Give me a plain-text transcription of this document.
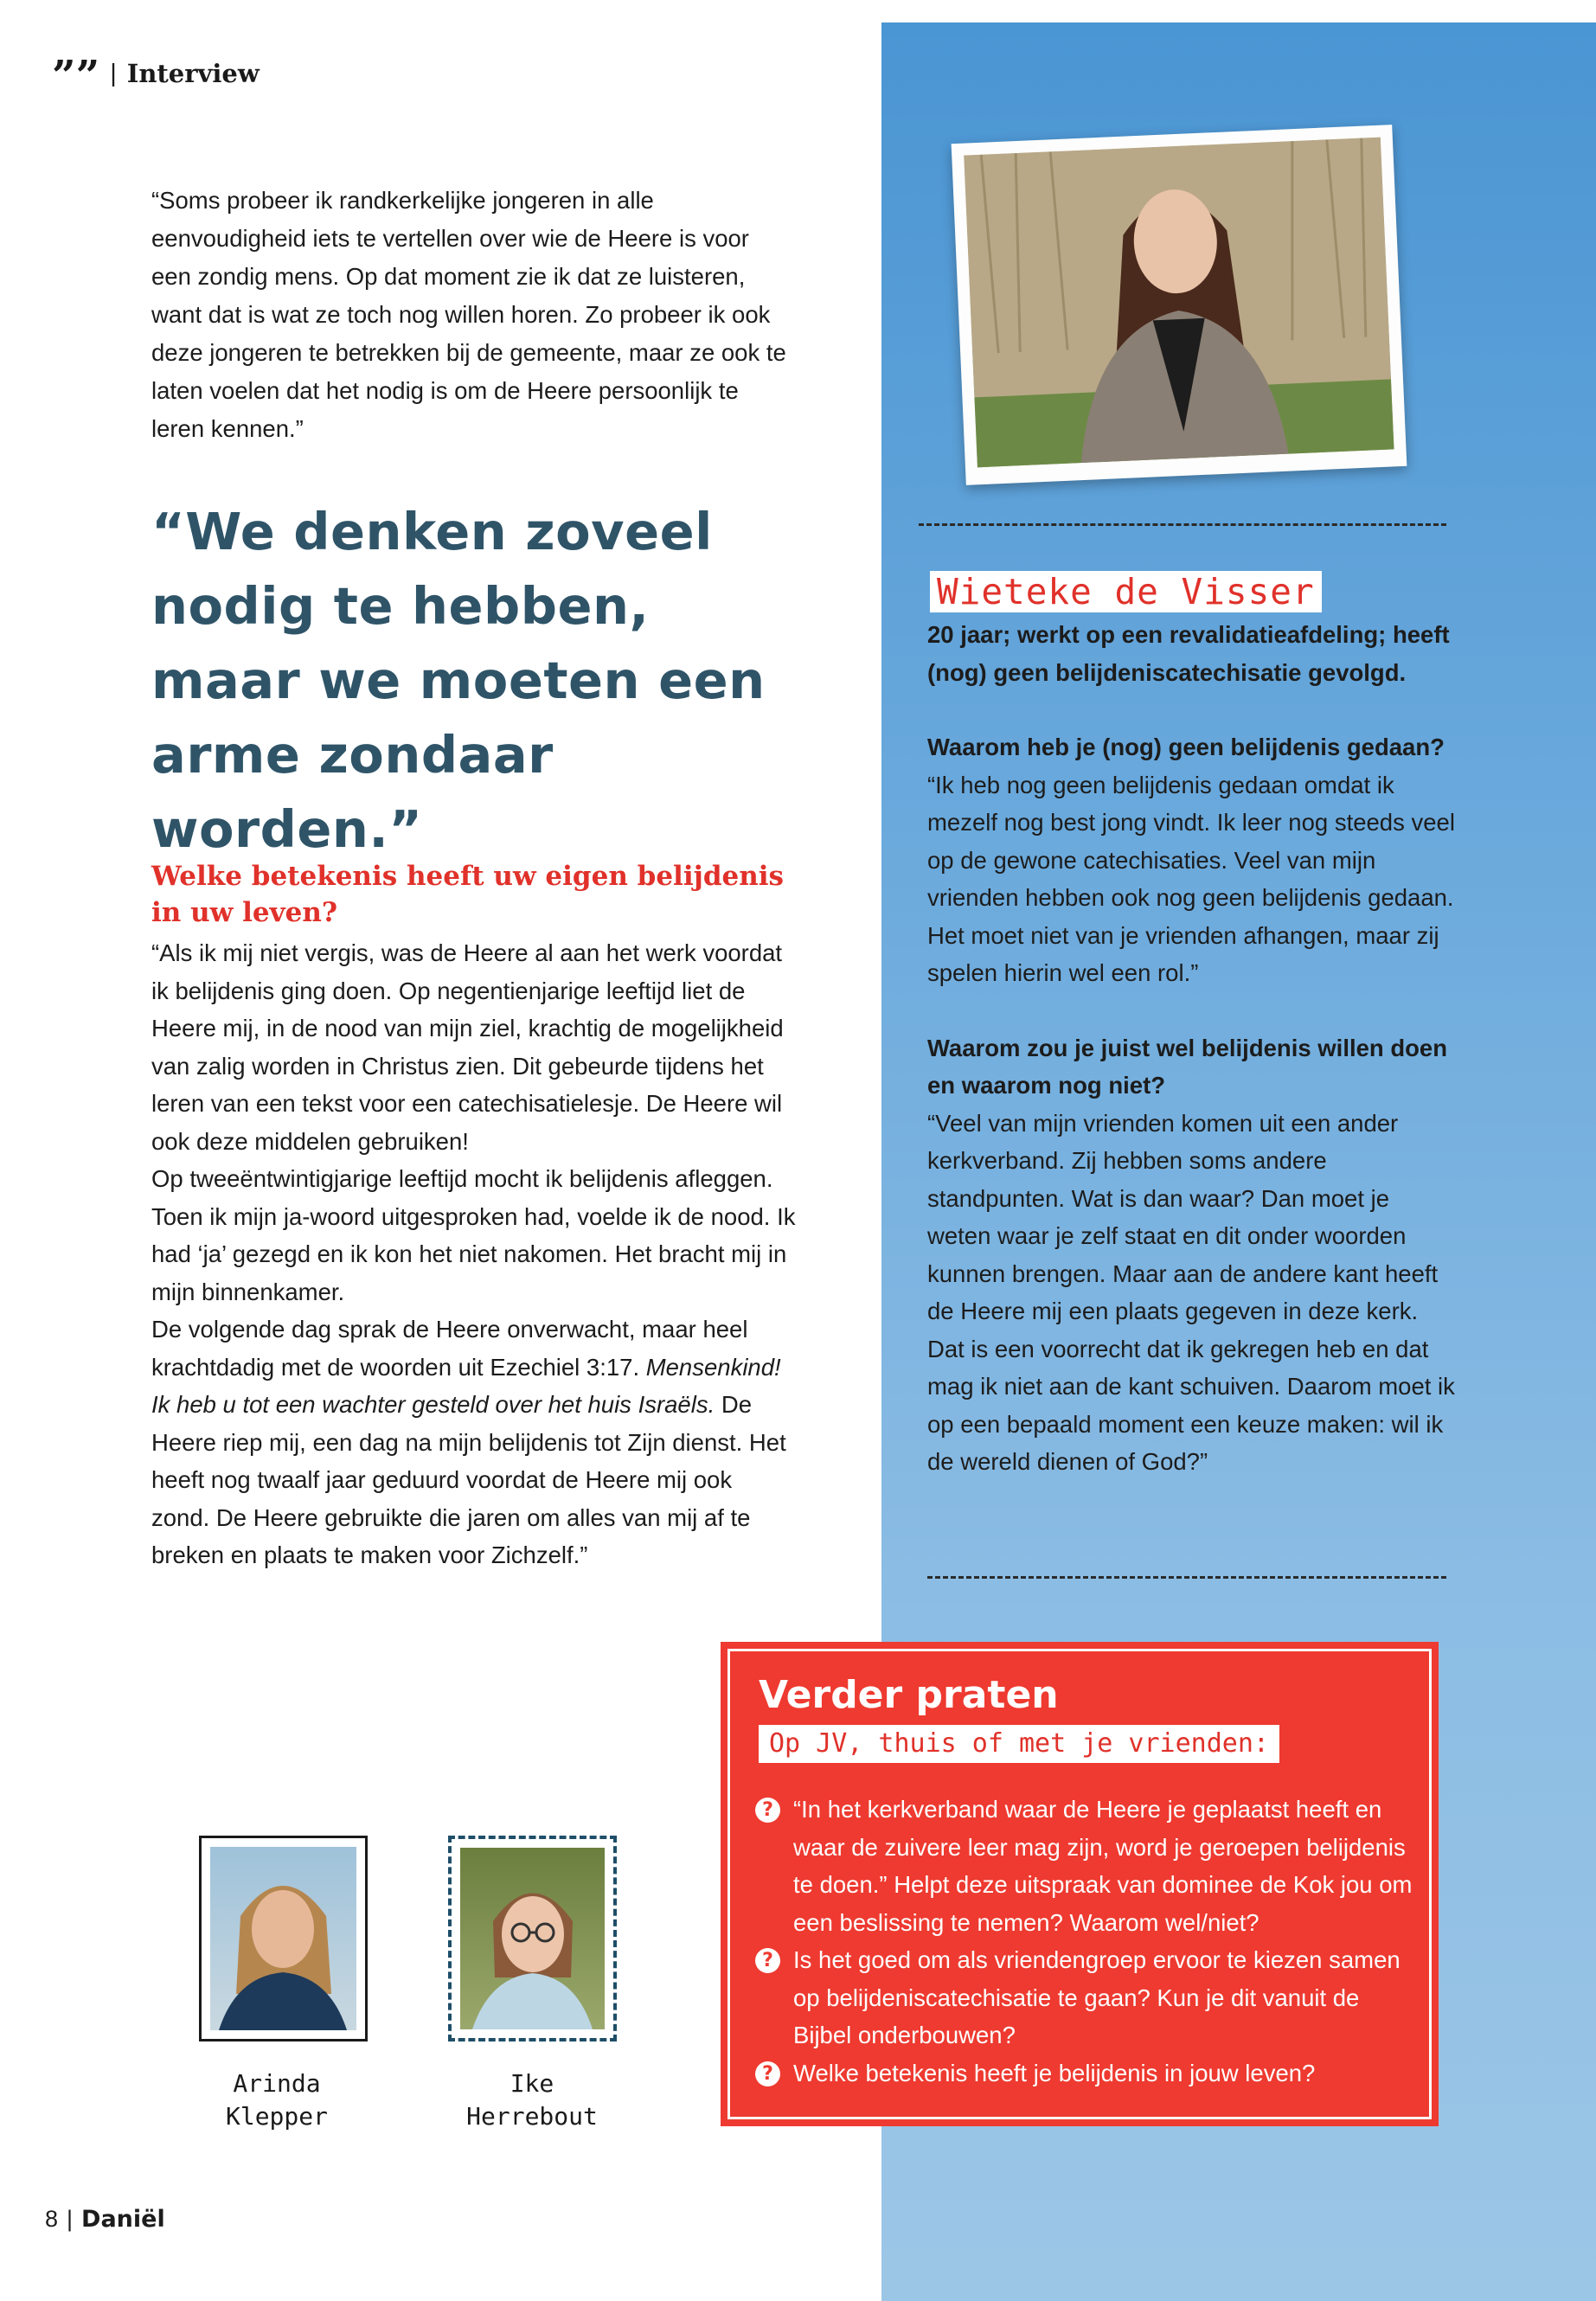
”” | Interview

“Soms probeer ik randkerkelijke jongeren in alle eenvoudigheid iets te vertellen over wie de Heere is voor een zondig mens. Op dat moment zie ik dat ze luisteren, want dat is wat ze toch nog willen horen. Zo probeer ik ook deze jongeren te betrekken bij de gemeente, maar ze ook te laten voelen dat het nodig is om de Heere persoonlijk te leren kennen.”

“We denken zoveel nodig te hebben, maar we moeten een arme zondaar worden.”
Welke betekenis heeft uw eigen belijdenis in uw leven?

“Als ik mij niet vergis, was de Heere al aan het werk voordat ik belijdenis ging doen. Op negentienjarige leeftijd liet de Heere mij, in de nood van mijn ziel, krachtig de mogelijkheid van zalig worden in Christus zien. Dit gebeurde tijdens het leren van een tekst voor een catechisatielesje. De Heere wil ook deze middelen gebruiken!

Op tweeëntwintigjarige leeftijd mocht ik belijdenis afleggen. Toen ik mijn ja-woord uitgesproken had, voelde ik de nood. Ik had ‘ja’ gezegd en ik kon het niet nakomen. Het bracht mij in mijn binnenkamer.

De volgende dag sprak de Heere onverwacht, maar heel krachtdadig met de woorden uit Ezechiel 3:17. Mensenkind! Ik heb u tot een wachter gesteld over het huis Israëls. De Heere riep mij, een dag na mijn belijdenis tot Zijn dienst. Het heeft nog twaalf jaar geduurd voordat de Heere mij ook zond. De Heere gebruikte die jaren om alles van mij af te breken en plaats te maken voor Zichzelf.”

Wieteke de Visser

20 jaar; werkt op een revalidatieafdeling; heeft (nog) geen belijdeniscatechisatie gevolgd.

Waarom heb je (nog) geen belijdenis gedaan?

“Ik heb nog geen belijdenis gedaan omdat ik mezelf nog best jong vindt. Ik leer nog steeds veel op de gewone catechisaties. Veel van mijn vrienden hebben ook nog geen belijdenis gedaan. Het moet niet van je vrienden afhangen, maar zij spelen hierin wel een rol.”

Waarom zou je juist wel belijdenis willen doen en waarom nog niet?

“Veel van mijn vrienden komen uit een ander kerkverband. Zij hebben soms andere standpunten. Wat is dan waar? Dan moet je weten waar je zelf staat en dit onder woorden kunnen brengen. Maar aan de andere kant heeft de Heere mij een plaats gegeven in deze kerk. Dat is een voorrecht dat ik gekregen heb en dat mag ik niet aan de kant schuiven. Daarom moet ik op een bepaald moment een keuze maken: wil ik de wereld dienen of God?”

Arinda
Klepper
Ike
Herrebout
Verder praten
Op JV, thuis of met je vrienden:
? “In het kerkverband waar de Heere je geplaatst heeft en waar de zuivere leer mag zijn, word je geroepen belijdenis te doen.” Helpt deze uitspraak van dominee de Kok jou om een beslissing te nemen? Waarom wel/niet?
? Is het goed om als vriendengroep ervoor te kiezen samen op belijdeniscatechisatie te gaan? Kun je dit vanuit de Bijbel onderbouwen?
? Welke betekenis heeft je belijdenis in jouw leven?
8 | Daniël
